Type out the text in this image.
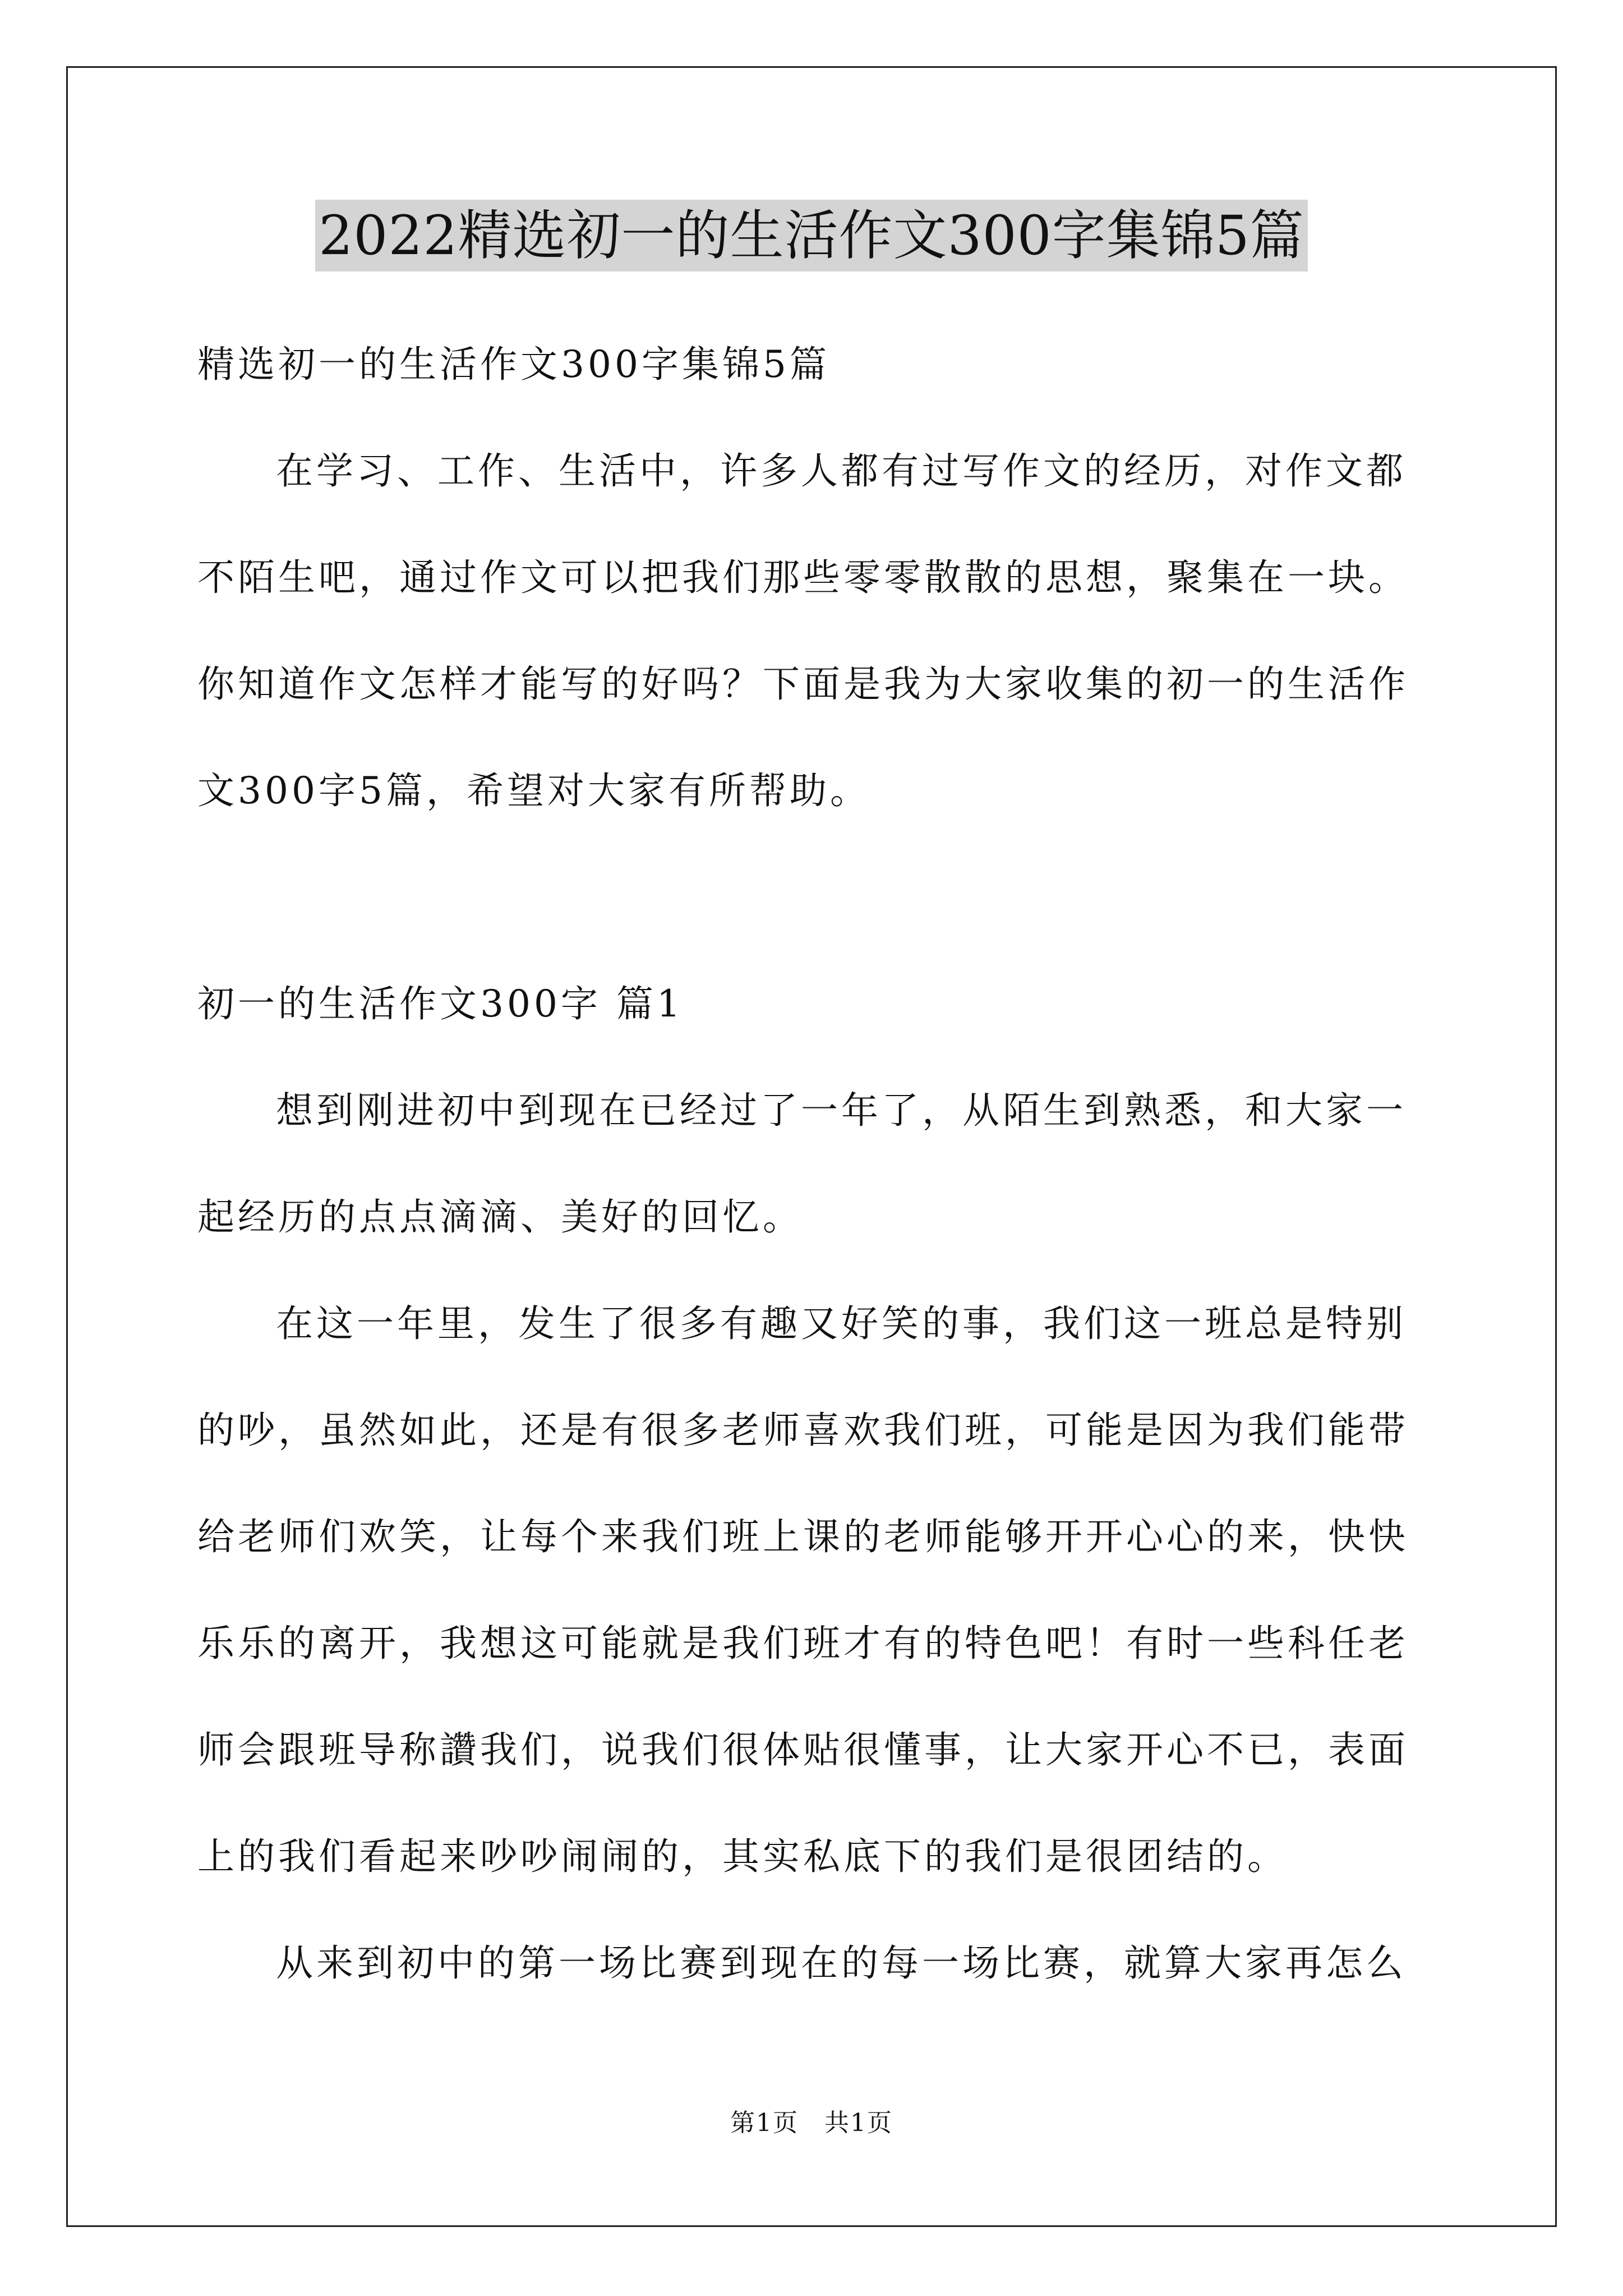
2022精选初一的生活作文300字集锦5篇

精选初一的生活作文300字集锦5篇

在学习、工作、生活中，许多人都有过写作文的经历，对作文都不陌生吧，通过作文可以把我们那些零零散散的思想，聚集在一块。你知道作文怎样才能写的好吗？下面是我为大家收集的初一的生活作文300字5篇，希望对大家有所帮助。

初一的生活作文300字 篇1

想到刚进初中到现在已经过了一年了，从陌生到熟悉，和大家一起经历的点点滴滴、美好的回忆。

在这一年里，发生了很多有趣又好笑的事，我们这一班总是特别的吵，虽然如此，还是有很多老师喜欢我们班，可能是因为我们能带给老师们欢笑，让每个来我们班上课的老师能够开开心心的来，快快乐乐的离开，我想这可能就是我们班才有的特色吧！有时一些科任老师会跟班导称讚我们，说我们很体贴很懂事，让大家开心不已，表面上的我们看起来吵吵闹闹的，其实私底下的我们是很团结的。

从来到初中的第一场比赛到现在的每一场比赛，就算大家再怎么

第1页　共1页
